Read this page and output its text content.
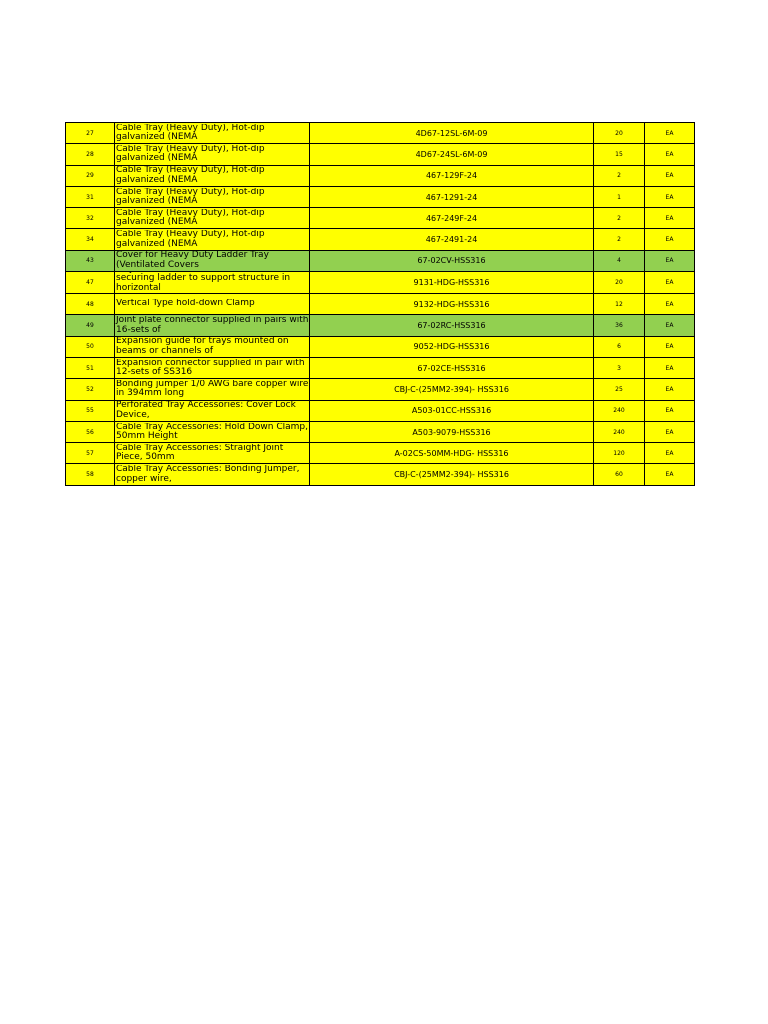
27	Cable Tray (Heavy Duty), Hot-dip galvanized (NEMA	4D67-12SL-6M-09	20	EA
28	Cable Tray (Heavy Duty), Hot-dip galvanized (NEMA	4D67-24SL-6M-09	15	EA
29	Cable Tray (Heavy Duty), Hot-dip galvanized (NEMA	467-129F-24	2	EA
31	Cable Tray (Heavy Duty), Hot-dip galvanized (NEMA	467-1291-24	1	EA
32	Cable Tray (Heavy Duty), Hot-dip galvanized (NEMA	467-249F-24	2	EA
34	Cable Tray (Heavy Duty), Hot-dip galvanized (NEMA	467-2491-24	2	EA
43	Cover for Heavy Duty Ladder Tray (Ventilated Covers	67-02CV-HSS316	4	EA
47	securing ladder to support structure in horizontal	9131-HDG-HSS316	20	EA
48	Vertical Type hold-down Clamp	9132-HDG-HSS316	12	EA
49	Joint plate connector supplied in pairs with 16-sets of	67-02RC-HSS316	36	EA
50	Expansion guide for trays mounted on beams or channels of	9052-HDG-HSS316	6	EA
51	Expansion connector supplied in pair with 12-sets of SS316	67-02CE-HSS316	3	EA
52	Bonding jumper 1/0 AWG bare copper wire in 394mm long	CBJ-C-(25MM2-394)- HSS316	25	EA
55	Perforated Tray Accessories: Cover Lock Device,	A503-01CC-HSS316	240	EA
56	Cable Tray Accessories: Hold Down Clamp, 50mm Height	A503-9079-HSS316	240	EA
57	Cable Tray Accessories: Straight Joint Piece, 50mm	A-02CS-50MM-HDG- HSS316	120	EA
58	Cable Tray Accessories: Bonding Jumper, copper wire,	CBJ-C-(25MM2-394)- HSS316	60	EA
